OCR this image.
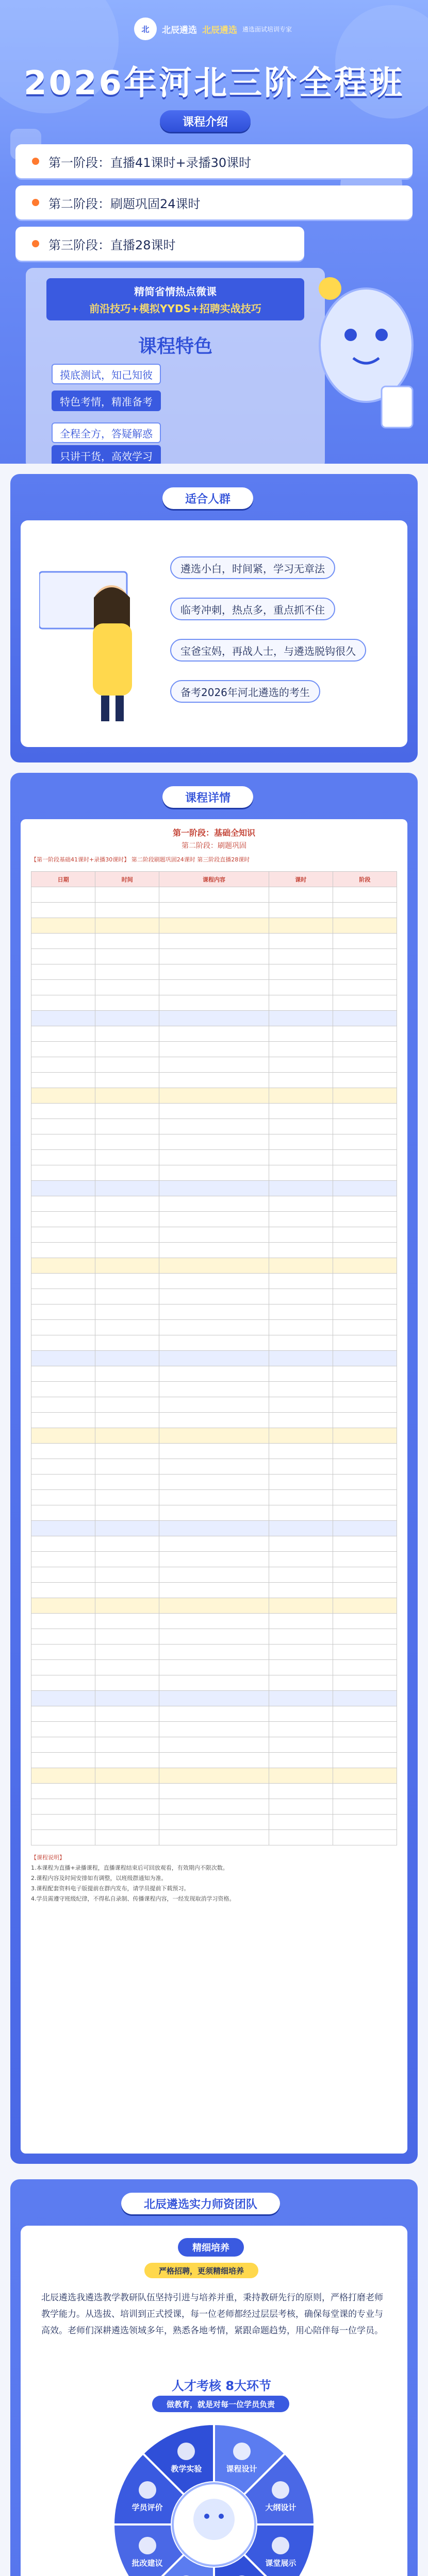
北	北辰遴选 北辰遴选 遴选面试培训专家
2026年河北三阶全程班
课程介绍
第一阶段：直播41课时+录播30课时
第二阶段：刷题巩固24课时
第三阶段：直播28课时
精简省情热点微课
前沿技巧+模拟YYDS+招聘实战技巧
课程特色
摸底测试，知己知彼
特色考情，精准备考
全程全方，答疑解惑
只讲干货，高效学习
适合人群
遴选小白，时间紧，学习无章法
临考冲刺，热点多，重点抓不住
宝爸宝妈，再战人士，与遴选脱钩很久
备考2026年河北遴选的考生
课程详情
第一阶段：基础全知识
第二阶段：刷题巩固
【第一阶段基础41课时+录播30课时】 第二阶段刷题巩固24课时 第三阶段直播28课时
日期	时间	课程内容	课时	阶段

【课程说明】
1.本课程为直播+录播课程，直播课程结束后可回放观看，有效期内不限次数。
2.课程内容及时间安排如有调整，以班级群通知为准。
3.课程配套资料电子版提前在群内发布，请学员提前下载预习。
4.学员需遵守班级纪律，不得私自录制、传播课程内容，一经发现取消学习资格。
北辰遴选实力师资团队
精细培养
严格招聘，更须精细培养
北辰遴选我遴选教学教研队伍坚持引进与培养并重，秉持教研先行的原则，严格打磨老师教学能力。从选拔、培训到正式授课，每一位老师都经过层层考核，确保每堂课的专业与高效。老师们深耕遴选领域多年，熟悉各地考情，紧跟命题趋势，用心陪伴每一位学员。
人才考核 8大环节
做教育，就是对每一位学员负责
课程设计
大纲设计
课堂展示
批改建议
学员评价
教学实验
